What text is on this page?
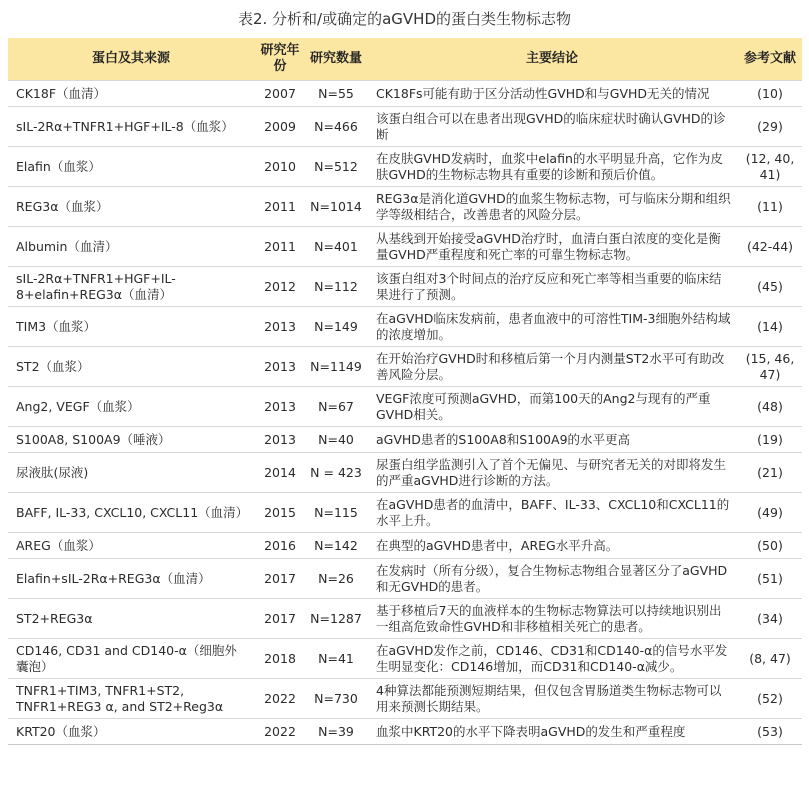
表2. 分析和/或确定的aGVHD的蛋白类生物标志物
蛋白及其来源	研究年份	研究数量	主要结论	参考文献
CK18F（血清）	2007	N=55	CK18Fs可能有助于区分活动性GVHD和与GVHD无关的情况	(10)
sIL-2Rα+TNFR1+HGF+IL-8（血浆）	2009	N=466	该蛋白组合可以在患者出现GVHD的临床症状时确认GVHD的诊断	(29)
Elafin（血浆）	2010	N=512	在皮肤GVHD发病时，血浆中elafin的水平明显升高，它作为皮肤GVHD的生物标志物具有重要的诊断和预后价值。	(12, 40, 41)
REG3α（血浆）	2011	N=1014	REG3α是消化道GVHD的血浆生物标志物，可与临床分期和组织学等级相结合，改善患者的风险分层。	(11)
Albumin（血清）	2011	N=401	从基线到开始接受aGVHD治疗时，血清白蛋白浓度的变化是衡量GVHD严重程度和死亡率的可靠生物标志物。	(42-44)
sIL-2Rα+TNFR1+HGF+IL-8+elafin+REG3α（血清）	2012	N=112	该蛋白组对3个时间点的治疗反应和死亡率等相当重要的临床结果进行了预测。	(45)
TIM3（血浆）	2013	N=149	在aGVHD临床发病前，患者血液中的可溶性TIM-3细胞外结构域的浓度增加。	(14)
ST2（血浆）	2013	N=1149	在开始治疗GVHD时和移植后第一个月内测量ST2水平可有助改善风险分层。	(15, 46, 47)
Ang2, VEGF（血浆）	2013	N=67	VEGF浓度可预测aGVHD，而第100天的Ang2与现有的严重GVHD相关。	(48)
S100A8, S100A9（唾液）	2013	N=40	aGVHD患者的S100A8和S100A9的水平更高	(19)
尿液肽(尿液)	2014	N = 423	尿蛋白组学监测引入了首个无偏见、与研究者无关的对即将发生的严重aGVHD进行诊断的方法。	(21)
BAFF, IL-33, CXCL10, CXCL11（血清）	2015	N=115	在aGVHD患者的血清中，BAFF、IL-33、CXCL10和CXCL11的水平上升。	(49)
AREG（血浆）	2016	N=142	在典型的aGVHD患者中，AREG水平升高。	(50)
Elafin+sIL-2Rα+REG3α（血清）	2017	N=26	在发病时（所有分级），复合生物标志物组合显著区分了aGVHD和无GVHD的患者。	(51)
ST2+REG3α	2017	N=1287	基于移植后7天的血液样本的生物标志物算法可以持续地识别出一组高危致命性GVHD和非移植相关死亡的患者。	(34)
CD146, CD31 and CD140-α（细胞外囊泡）	2018	N=41	在aGVHD发作之前，CD146、CD31和CD140-α的信号水平发生明显变化：CD146增加，而CD31和CD140-α减少。	(8, 47)
TNFR1+TIM3, TNFR1+ST2, TNFR1+REG3 α, and ST2+Reg3α	2022	N=730	4种算法都能预测短期结果，但仅包含胃肠道类生物标志物可以用来预测长期结果。	(52)
KRT20（血浆）	2022	N=39	血浆中KRT20的水平下降表明aGVHD的发生和严重程度	(53)
